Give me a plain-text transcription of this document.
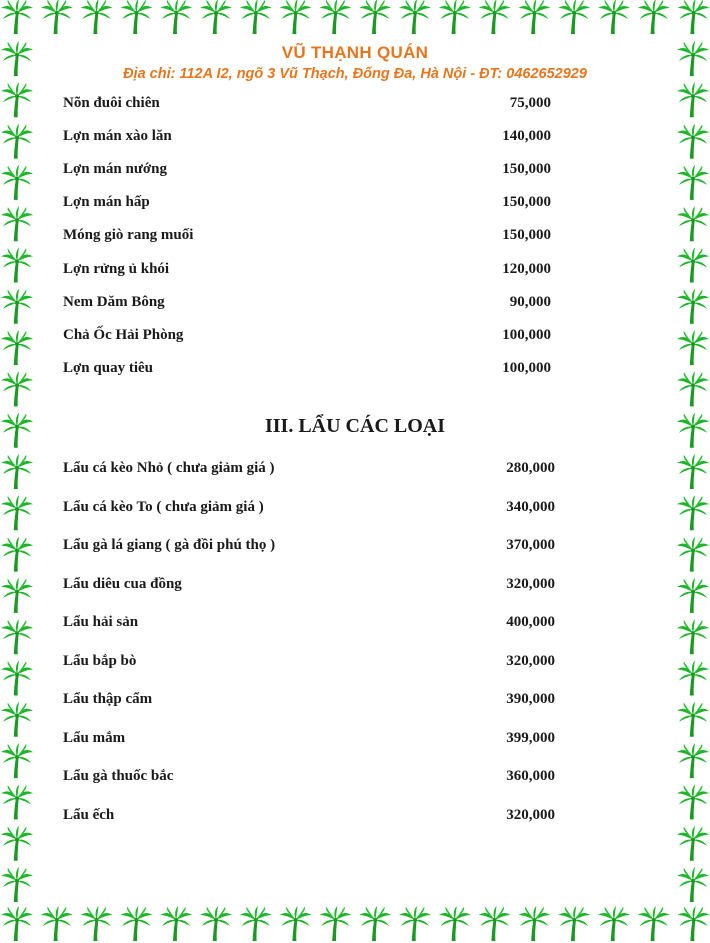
VŨ THẠNH QUÁN
Địa chỉ: 112A I2, ngõ 3 Vũ Thạch, Đống Đa, Hà Nội - ĐT: 0462652929
Nõn đuôi chiên	75,000
Lợn mán xào lăn	140,000
Lợn mán nướng	150,000
Lợn mán hấp	150,000
Móng giò rang muối	150,000
Lợn rửng ủ khói	120,000
Nem Dăm Bông	90,000
Chả Ốc Hải Phòng	100,000
Lợn quay tiêu	100,000
III. LẨU CÁC LOẠI
Lẩu cá kèo Nhỏ ( chưa giảm giá )	280,000
Lẩu cá kèo To ( chưa giảm giá )	340,000
Lẩu gà lá giang ( gà đồi phú thọ )	370,000
Lẩu diêu cua đồng	320,000
Lẩu hải sản	400,000
Lẩu bắp bò	320,000
Lẩu thập cẩm	390,000
Lẩu mắm	399,000
Lẩu gà thuốc bắc	360,000
Lẩu ếch	320,000
